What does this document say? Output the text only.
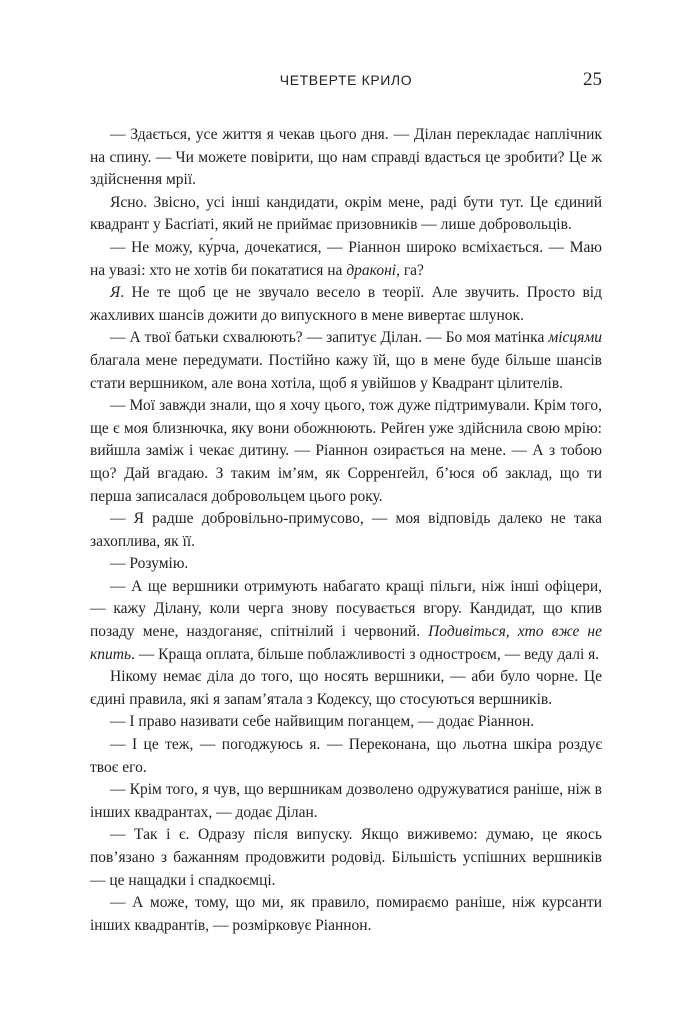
ЧЕТВЕРТЕ КРИЛО	25

— Здається, усе життя я чекав цього дня. — Ділан перекладає наплічник на спину. — Чи можете повірити, що нам справді вдасться це зробити? Це ж здійснення мрії.

Ясно. Звісно, усі інші кандидати, окрім мене, раді бути тут. Це єдиний квадрант у Басґіаті, який не приймає призовників — лише добровольців.

— Не можу, ку́рча, дочекатися, — Ріаннон широко всміхається. — Маю на увазі: хто не хотів би покататися на драконі, га?

Я. Не те щоб це не звучало весело в теорії. Але звучить. Просто від жахливих шансів дожити до випускного в мене вивертає шлунок.

— А твої батьки схвалюють? — запитує Ділан. — Бо моя матінка місцями благала мене передумати. Постійно кажу їй, що в мене буде більше шансів стати вершником, але вона хотіла, щоб я увійшов у Квадрант цілителів.

— Мої завжди знали, що я хочу цього, тож дуже підтримували. Крім того, ще є моя близнючка, яку вони обожнюють. Рейґен уже здійснила свою мрію: вийшла заміж і чекає дитину. — Ріаннон озирається на мене. — А з тобою що? Дай вгадаю. З таким ім’ям, як Сорренґейл, б’юся об заклад, що ти перша записалася добровольцем цього року.

— Я радше добровільно-примусово, — моя відповідь далеко не така захоплива, як її.

— Розумію.

— А ще вершники отримують набагато кращі пільги, ніж інші офіцери, — кажу Ділану, коли черга знову посувається вгору. Кандидат, що кпив позаду мене, наздоганяє, спітнілий і червоний. Подивіться, хто вже не кпить. — Краща оплата, більше поблажливості з однострoєм, — веду далі я.

Нікому немає діла до того, що носять вершники, — аби було чорне. Це єдині правила, які я запам’ятала з Кодексу, що стосуються вершників.

— І право називати себе найвищим поганцем, — додає Ріаннон.

— І це теж, — погоджуюсь я. — Переконана, що льотна шкіра роздує твоє его.

— Крім того, я чув, що вершникам дозволено одружуватися раніше, ніж в інших квадрантах, — додає Ділан.

— Так і є. Одразу після випуску. Якщо виживемо: думаю, це якось пов’язано з бажанням продовжити родовід. Більшість успішних вершників — це нащадки і спадкоємці.

— А може, тому, що ми, як правило, помираємо раніше, ніж курсанти інших квадрантів, — розмірковує Ріаннон.
